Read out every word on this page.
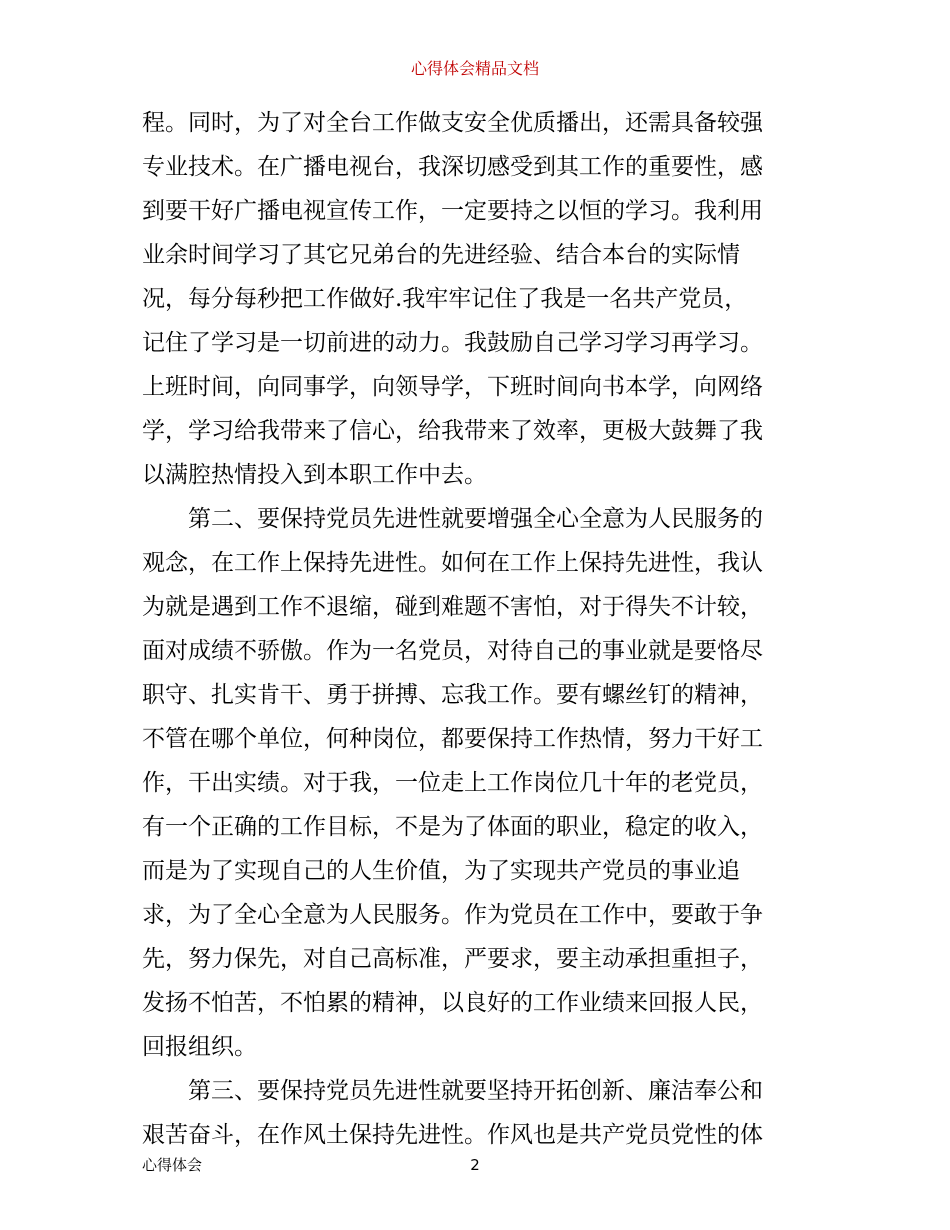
心得体会精品文档
程。同时，为了对全台工作做支安全优质播出，还需具备较强
专业技术。在广播电视台，我深切感受到其工作的重要性，感
到要干好广播电视宣传工作，一定要持之以恒的学习。我利用
业余时间学习了其它兄弟台的先进经验、结合本台的实际情
况，每分每秒把工作做好.我牢牢记住了我是一名共产党员，
记住了学习是一切前进的动力。我鼓励自己学习学习再学习。
上班时间，向同事学，向领导学，下班时间向书本学，向网络
学，学习给我带来了信心，给我带来了效率，更极大鼓舞了我
以满腔热情投入到本职工作中去。
　　第二、要保持党员先进性就要增强全心全意为人民服务的
观念，在工作上保持先进性。如何在工作上保持先进性，我认
为就是遇到工作不退缩，碰到难题不害怕，对于得失不计较，
面对成绩不骄傲。作为一名党员，对待自己的事业就是要恪尽
职守、扎实肯干、勇于拼搏、忘我工作。要有螺丝钉的精神，
不管在哪个单位，何种岗位，都要保持工作热情，努力干好工
作，干出实绩。对于我，一位走上工作岗位几十年的老党员，
有一个正确的工作目标，不是为了体面的职业，稳定的收入，
而是为了实现自己的人生价值，为了实现共产党员的事业追
求，为了全心全意为人民服务。作为党员在工作中，要敢于争
先，努力保先，对自己高标准，严要求，要主动承担重担子，
发扬不怕苦，不怕累的精神，以良好的工作业绩来回报人民，
回报组织。
　　第三、要保持党员先进性就要坚持开拓创新、廉洁奉公和
艰苦奋斗，在作风土保持先进性。作风也是共产党员党性的体
心得体会	2
